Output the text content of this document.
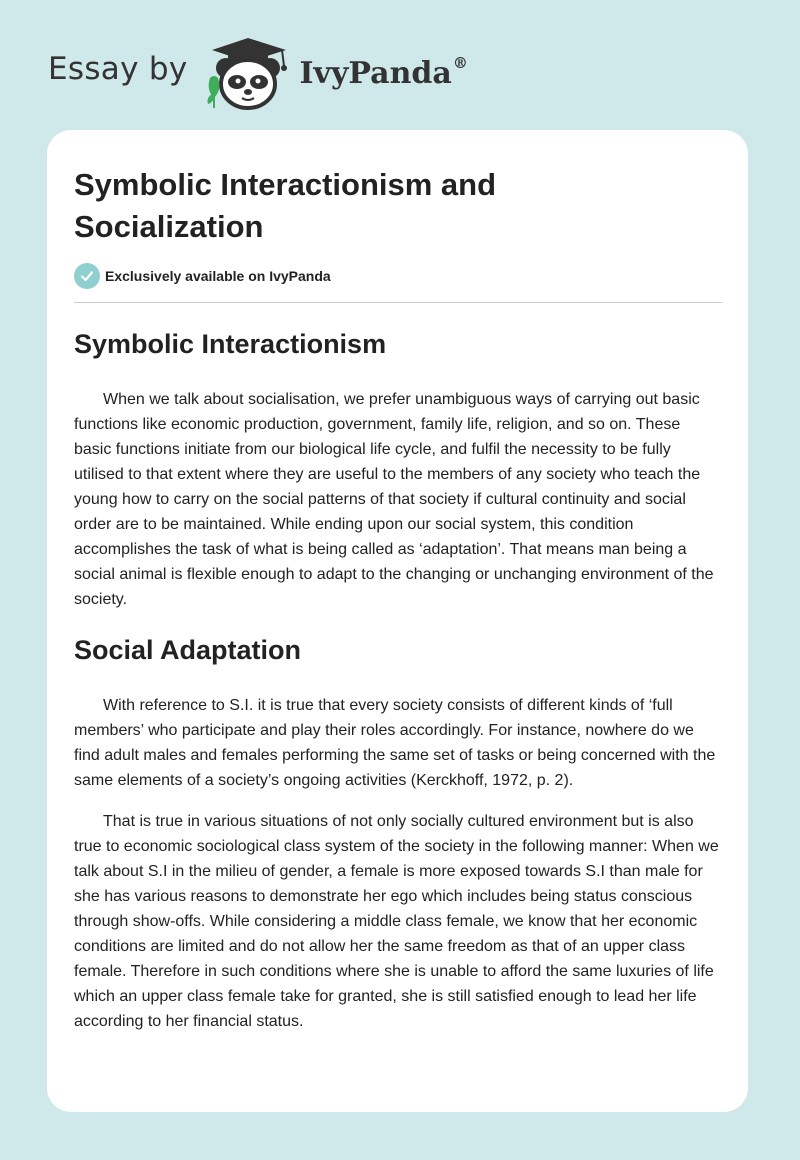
Essay by	IvyPanda®
Symbolic Interactionism and Socialization
Exclusively available on IvyPanda
Symbolic Interactionism

When we talk about socialisation, we prefer unambiguous ways of carrying out basic functions like economic production, government, family life, religion, and so on. These basic functions initiate from our biological life cycle, and fulfil the necessity to be fully utilised to that extent where they are useful to the members of any society who teach the young how to carry on the social patterns of that society if cultural continuity and social order are to be maintained. While ending upon our social system, this condition accomplishes the task of what is being called as ‘adaptation’. That means man being a social animal is flexible enough to adapt to the changing or unchanging environment of the society.

Social Adaptation

With reference to S.I. it is true that every society consists of different kinds of ‘full members’ who participate and play their roles accordingly. For instance, nowhere do we find adult males and females performing the same set of tasks or being concerned with the same elements of a society’s ongoing activities (Kerckhoff, 1972, p. 2).

That is true in various situations of not only socially cultured environment but is also true to economic sociological class system of the society in the following manner: When we talk about S.I in the milieu of gender, a female is more exposed towards S.I than male for she has various reasons to demonstrate her ego which includes being status conscious through show-offs. While considering a middle class female, we know that her economic conditions are limited and do not allow her the same freedom as that of an upper class female. Therefore in such conditions where she is unable to afford the same luxuries of life which an upper class female take for granted, she is still satisfied enough to lead her life according to her financial status.
